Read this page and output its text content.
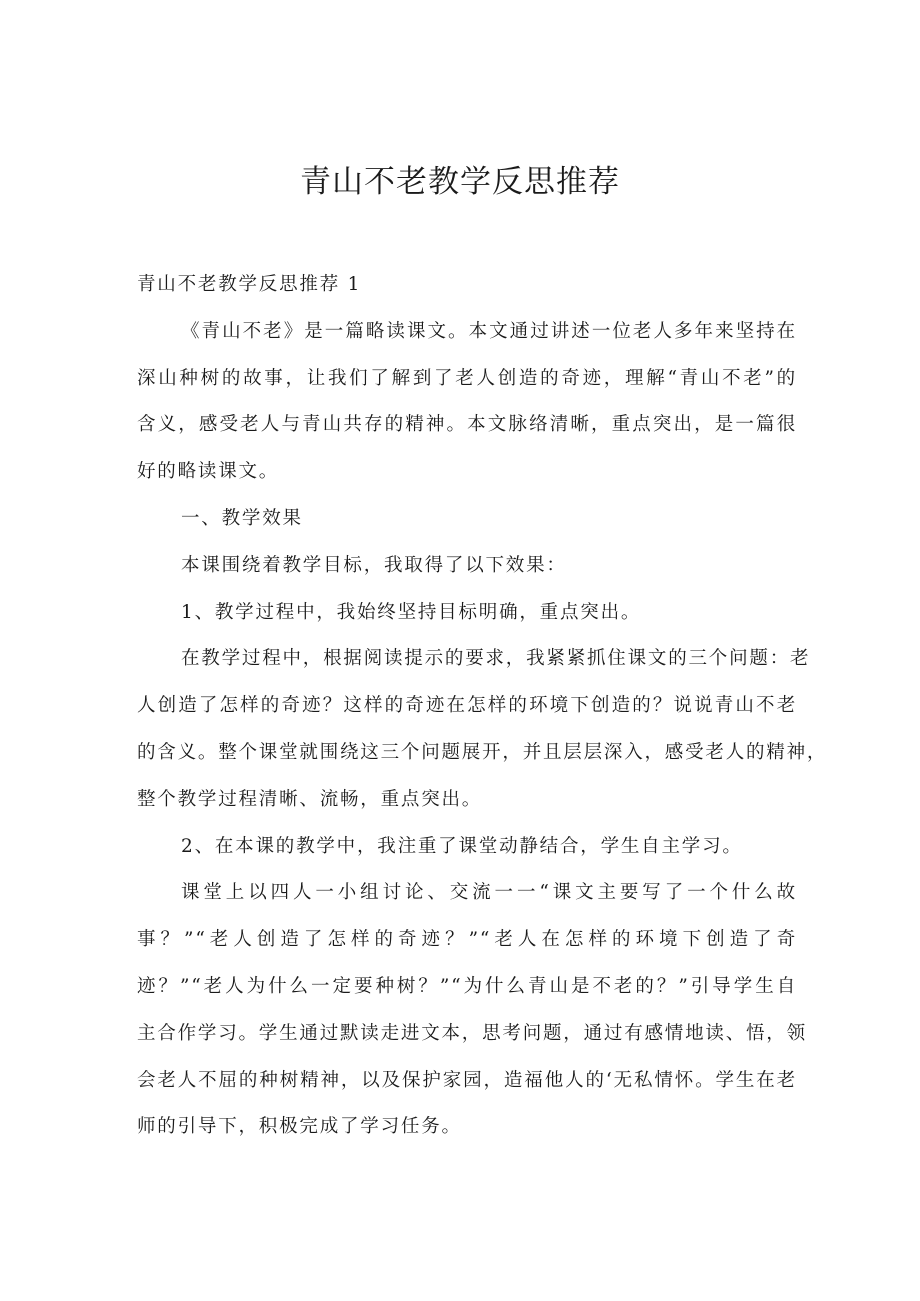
青山不老教学反思推荐

青山不老教学反思推荐 1

《青山不老》是一篇略读课文。本文通过讲述一位老人多年来坚持在

深山种树的故事，让我们了解到了老人创造的奇迹，理解“青山不老”的

含义，感受老人与青山共存的精神。本文脉络清晰，重点突出，是一篇很

好的略读课文。

一、教学效果

本课围绕着教学目标，我取得了以下效果：

1、教学过程中，我始终坚持目标明确，重点突出。

在教学过程中，根据阅读提示的要求，我紧紧抓住课文的三个问题：老

人创造了怎样的奇迹？这样的奇迹在怎样的环境下创造的？说说青山不老

的含义。整个课堂就围绕这三个问题展开，并且层层深入，感受老人的精神，

整个教学过程清晰、流畅，重点突出。

2、在本课的教学中，我注重了课堂动静结合，学生自主学习。

课堂上以四人一小组讨论、交流一一“课文主要写了一个什么故

事？”“老人创造了怎样的奇迹？”“老人在怎样的环境下创造了奇

迹？”“老人为什么一定要种树？”“为什么青山是不老的？”引导学生自

主合作学习。学生通过默读走进文本，思考问题，通过有感情地读、悟，领

会老人不屈的种树精神，以及保护家园，造福他人的‘无私情怀。学生在老

师的引导下，积极完成了学习任务。
